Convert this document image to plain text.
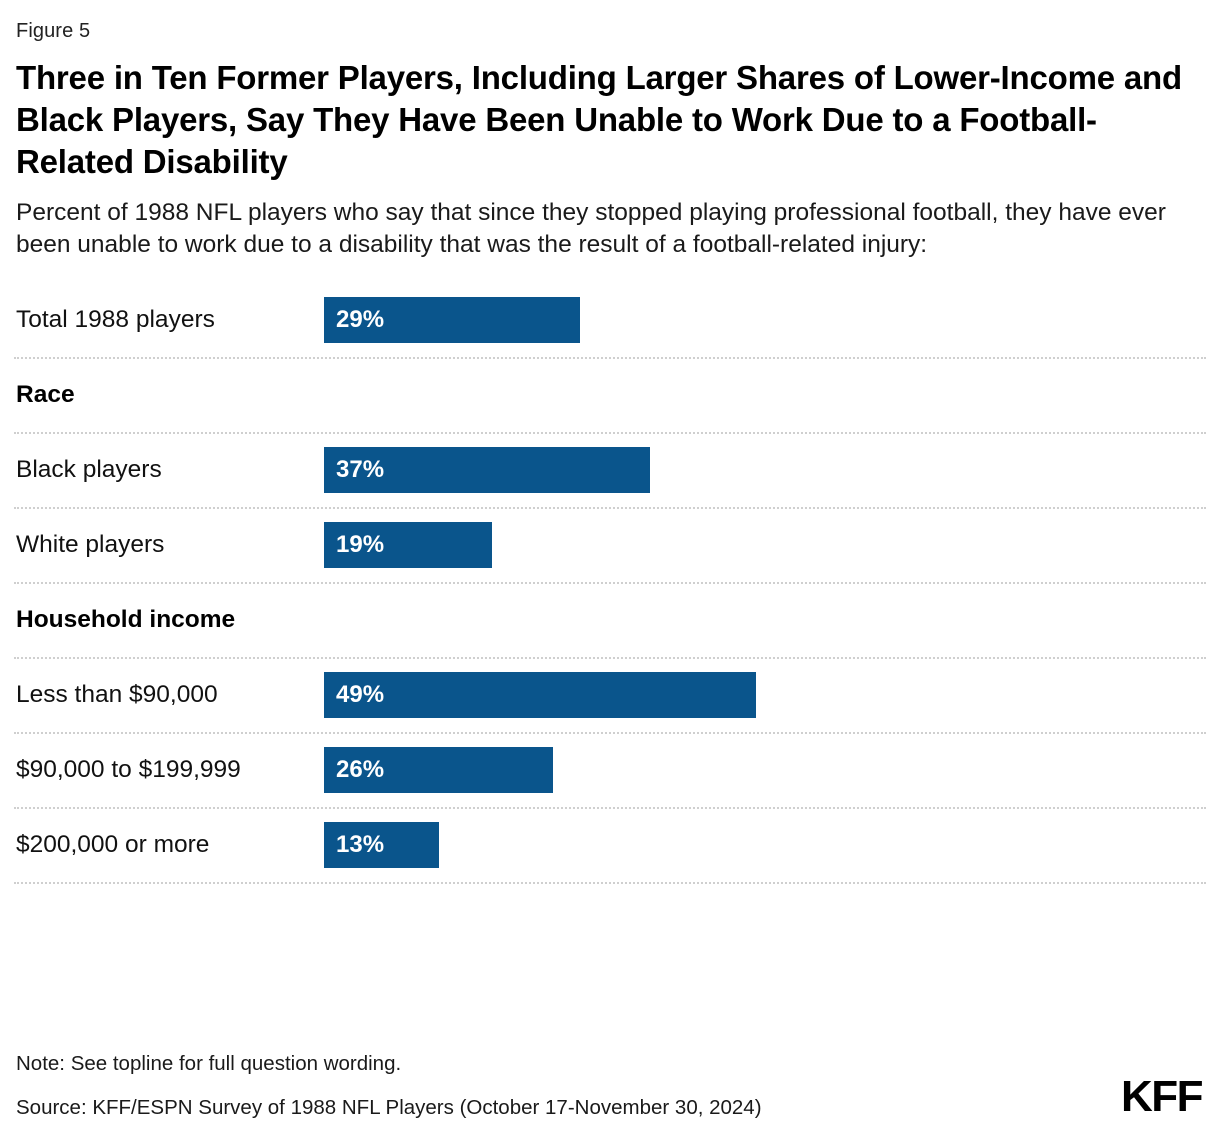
Figure 5
Three in Ten Former Players, Including Larger Shares of Lower-Income and Black Players, Say They Have Been Unable to Work Due to a Football-Related Disability
Percent of 1988 NFL players who say that since they stopped playing professional football, they have ever been unable to work due to a disability that was the result of a football-related injury:
Total 1988 players	29%
Race
Black players	37%
White players	19%
Household income
Less than $90,000	49%
$90,000 to $199,999	26%
$200,000 or more	13%
Note: See topline for full question wording.
Source: KFF/ESPN Survey of 1988 NFL Players (October 17-November 30, 2024)	KFF
